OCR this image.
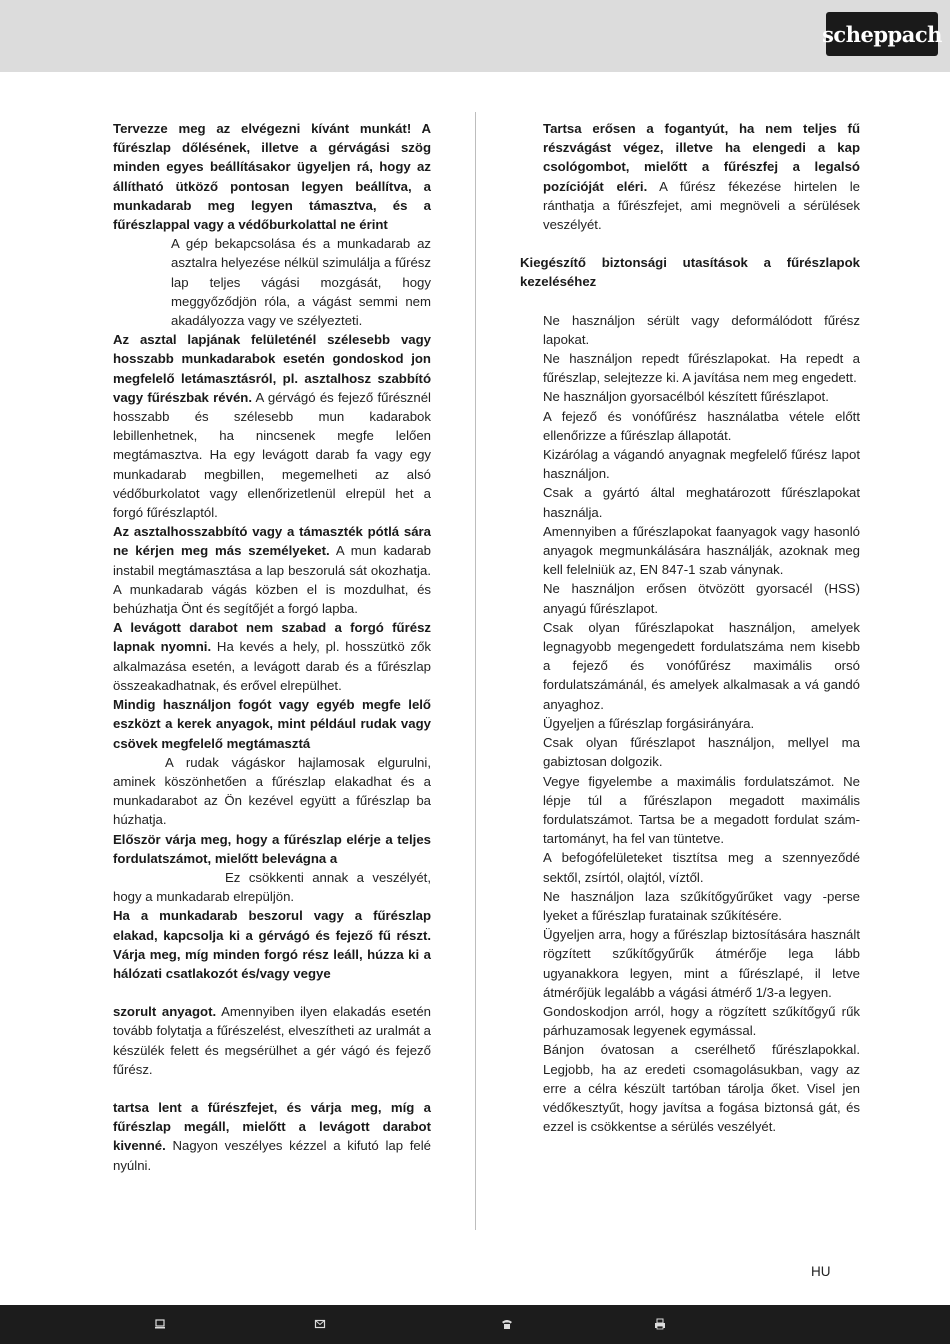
scheppach

Tervezze meg az elvégezni kívánt munkát! A fűrészlap dőlésének, illetve a gérvágási szög minden egyes beállításakor ügyeljen rá, hogy az állítható ütköző pontosan legyen beállítva, a munkadarab meg legyen támasztva, és a fűrészlappal vagy a védőburkolattal ne érint

A gép bekapcsolása és a munkadarab az asztalra helyezése nélkül szimulálja a fűrész lap teljes vágási mozgását, hogy meggyőződjön róla, a vágást semmi nem akadályozza vagy ve szélyezteti.

Az asztal lapjának felületénél szélesebb vagy hosszabb munkadarabok esetén gondoskod jon megfelelő letámasztásról, pl. asztalhosz szabbító vagy fűrészbak révén. A gérvágó és fejező fűrésznél hosszabb és szélesebb mun kadarabok lebillenhetnek, ha nincsenek megfe lelően megtámasztva. Ha egy levágott darab fa vagy egy munkadarab megbillen, megemelheti az alsó védőburkolatot vagy ellenőrizetlenül elrepül het a forgó fűrészlaptól.

Az asztalhosszabbító vagy a támaszték pótlá sára ne kérjen meg más személyeket. A mun kadarab instabil megtámasztása a lap beszorulá sát okozhatja. A munkadarab vágás közben el is mozdulhat, és behúzhatja Önt és segítőjét a forgó lapba.

A levágott darabot nem szabad a forgó fűrész lapnak nyomni. Ha kevés a hely, pl. hosszütkö zők alkalmazása esetén, a levágott darab és a fűrészlap összeakadhatnak, és erővel elrepülhet.

Mindig használjon fogót vagy egyéb megfe lelő eszközt a kerek anyagok, mint például rudak vagy csövek megfelelő megtámasztá

A rudak vágáskor hajlamosak elgurulni, aminek köszönhetően a fűrészlap elakadhat és a munkadarabot az Ön kezével együtt a fűrészlap ba húzhatja.

Először várja meg, hogy a fűrészlap elérje a teljes fordulatszámot, mielőtt belevágna a

Ez csökkenti annak a veszélyét, hogy a munkadarab elrepüljön.

Ha a munkadarab beszorul vagy a fűrészlap elakad, kapcsolja ki a gérvágó és fejező fű részt. Várja meg, míg minden forgó rész leáll, húzza ki a hálózati csatlakozót és/vagy vegye

szorult anyagot. Amennyiben ilyen elakadás esetén tovább folytatja a fűrészelést, elveszítheti az uralmát a készülék felett és megsérülhet a gér vágó és fejező fűrész.

tartsa lent a fűrészfejet, és várja meg, míg a fűrészlap megáll, mielőtt a levágott darabot kivenné. Nagyon veszélyes kézzel a kifutó lap felé nyúlni.

Tartsa erősen a fogantyút, ha nem teljes fű részvágást végez, illetve ha elengedi a kap csológombot, mielőtt a fűrészfej a legalsó pozícióját eléri. A fűrész fékezése hirtelen le ránthatja a fűrészfejet, ami megnöveli a sérülések veszélyét.

Kiegészítő biztonsági utasítások a fűrészlapok kezeléséhez

Ne használjon sérült vagy deformálódott fűrész lapokat.

Ne használjon repedt fűrészlapokat. Ha repedt a fűrészlap, selejtezze ki. A javítása nem meg engedett.

Ne használjon gyorsacélból készített fűrészlapot.

A fejező és vonófűrész használatba vétele előtt ellenőrizze a fűrészlap állapotát.

Kizárólag a vágandó anyagnak megfelelő fűrész lapot használjon.

Csak a gyártó által meghatározott fűrészlapokat használja.

Amennyiben a fűrészlapokat faanyagok vagy hasonló anyagok megmunkálására használják, azoknak meg kell felelniük az, EN 847-1 szab ványnak.

Ne használjon erősen ötvözött gyorsacél (HSS) anyagú fűrészlapot.

Csak olyan fűrészlapokat használjon, amelyek legnagyobb megengedett fordulatszáma nem kisebb a fejező és vonófűrész maximális orsó fordulatszámánál, és amelyek alkalmasak a vá gandó anyaghoz.

Ügyeljen a fűrészlap forgásirányára.

Csak olyan fűrészlapot használjon, mellyel ma gabiztosan dolgozik.

Vegye figyelembe a maximális fordulatszámot. Ne lépje túl a fűrészlapon megadott maximális fordulatszámot. Tartsa be a megadott fordulat szám-tartományt, ha fel van tüntetve.

A befogófelületeket tisztítsa meg a szennyeződé sektől, zsírtól, olajtól, víztől.

Ne használjon laza szűkítőgyűrűket vagy -perse lyeket a fűrészlap furatainak szűkítésére.

Ügyeljen arra, hogy a fűrészlap biztosítására használt rögzített szűkítőgyűrűk átmérője lega lább ugyanakkora legyen, mint a fűrészlapé, il letve átmérőjük legalább a vágási átmérő 1/3-a legyen.

Gondoskodjon arról, hogy a rögzített szűkítőgyű rűk párhuzamosak legyenek egymással.

Bánjon óvatosan a cserélhető fűrészlapokkal. Legjobb, ha az eredeti csomagolásukban, vagy az erre a célra készült tartóban tárolja őket. Visel jen védőkesztyűt, hogy javítsa a fogása biztonsá gát, és ezzel is csökkentse a sérülés veszélyét.

HU
